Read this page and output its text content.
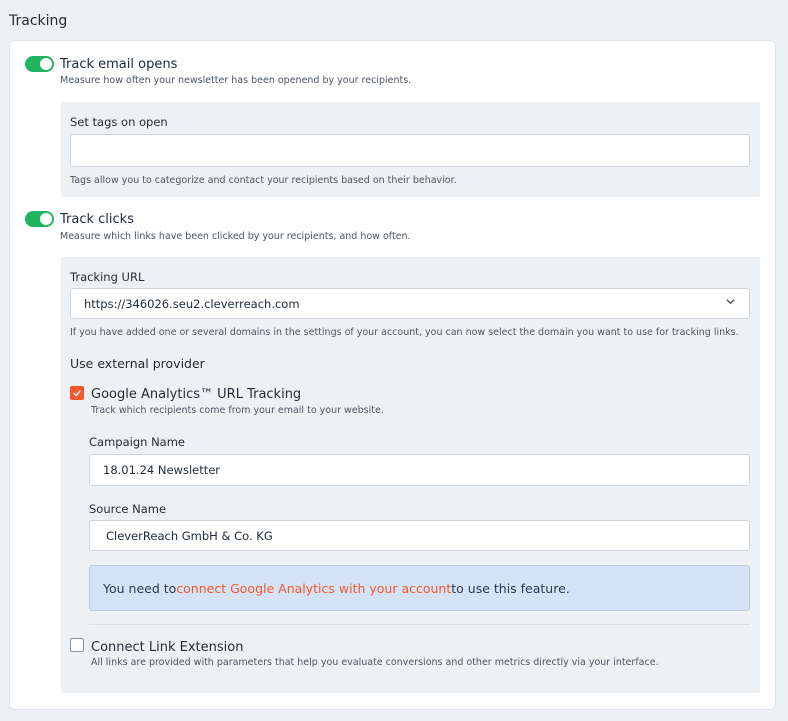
Tracking
Track email opens
Measure how often your newsletter has been openend by your recipients.
Set tags on open
Tags allow you to categorize and contact your recipients based on their behavior.
Track clicks
Measure which links have been clicked by your recipients, and how often.
Tracking URL
https://346026.seu2.cleverreach.com
If you have added one or several domains in the settings of your account, you can now select the domain you want to use for tracking links.
Use external provider
Google Analytics™ URL Tracking
Track which recipients come from your email to your website.
Campaign Name
18.01.24 Newsletter
Source Name
CleverReach GmbH & Co. KG
You need to connect Google Analytics with your account to use this feature.
Connect Link Extension
All links are provided with parameters that help you evaluate conversions and other metrics directly via your interface.
